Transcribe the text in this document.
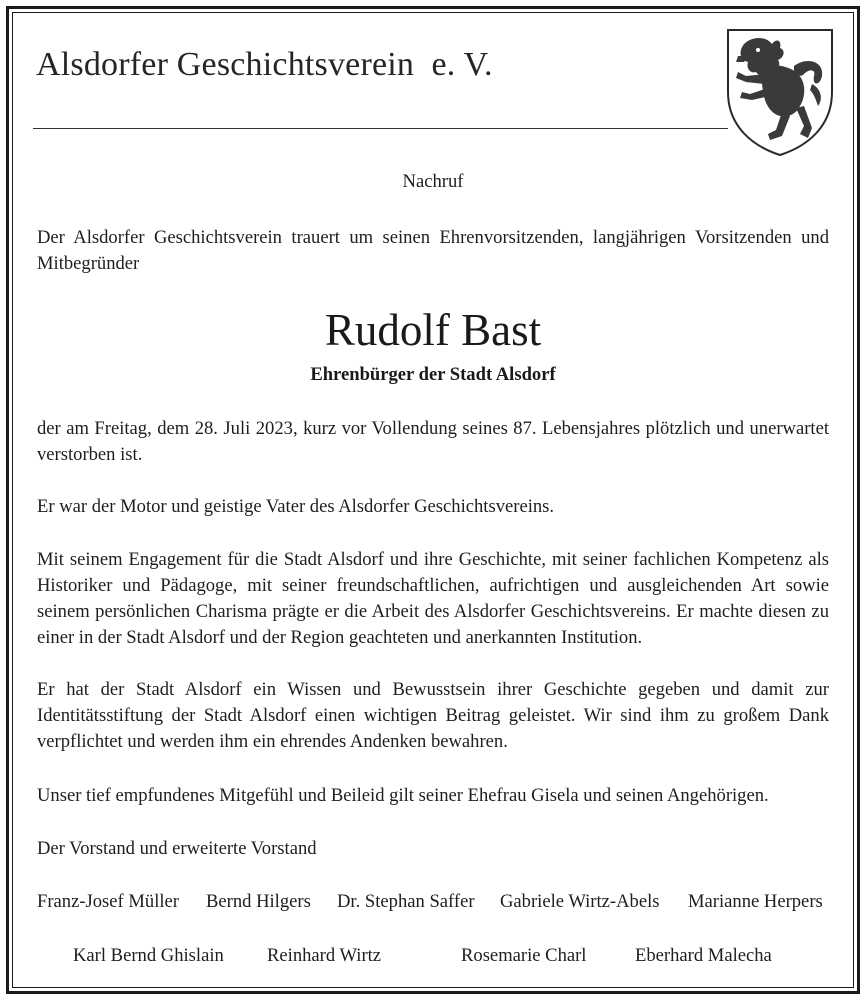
Alsdorfer Geschichtsverein  e. V.
Nachruf
Der Alsdorfer Geschichtsverein trauert um seinen Ehrenvorsitzenden, langjährigen Vorsitzenden und Mitbegründer
Rudolf Bast
Ehrenbürger der Stadt Alsdorf
der am Freitag, dem 28. Juli 2023, kurz vor Vollendung seines 87. Lebensjahres plötzlich und unerwartet verstorben ist.
Er war der Motor und geistige Vater des Alsdorfer Geschichtsvereins.
Mit seinem Engagement für die Stadt Alsdorf und ihre Geschichte, mit seiner fachlichen Kompetenz als Historiker und Pädagoge, mit seiner freundschaftlichen, aufrichtigen und ausgleichenden Art sowie seinem persönlichen Charisma prägte er die Arbeit des Alsdorfer Geschichtsvereins. Er machte diesen zu einer in der Stadt Alsdorf und der Region geachteten und anerkannten Institution.
Er hat der Stadt Alsdorf ein Wissen und Bewusstsein ihrer Geschichte gegeben und damit zur Identitätsstiftung der Stadt Alsdorf einen wichtigen Beitrag geleistet. Wir sind ihm zu großem Dank verpflichtet und werden ihm ein ehrendes Andenken bewahren.
Unser tief empfundenes Mitgefühl und Beileid gilt seiner Ehefrau Gisela und seinen Angehörigen.
Der Vorstand und erweiterte Vorstand
Franz-Josef Müller Bernd Hilgers Dr. Stephan Saffer Gabriele Wirtz-Abels Marianne Herpers
Karl Bernd Ghislain Reinhard Wirtz	Rosemarie Charl	Eberhard Malecha
